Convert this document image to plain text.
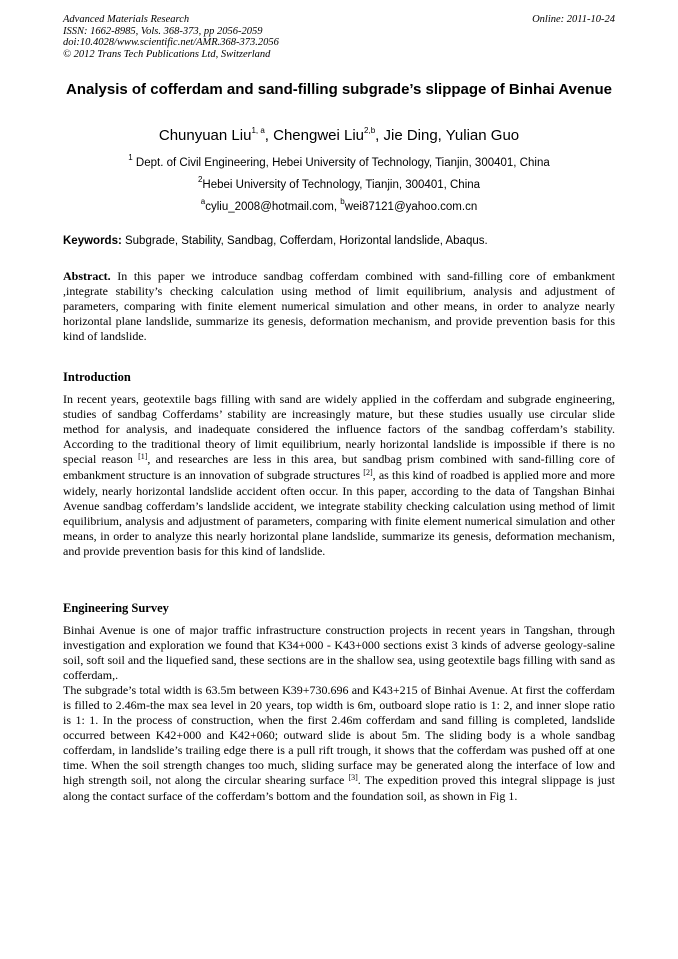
Advanced Materials Research
ISSN: 1662-8985, Vols. 368-373, pp 2056-2059
doi:10.4028/www.scientific.net/AMR.368-373.2056
© 2012 Trans Tech Publications Ltd, Switzerland
Online: 2011-10-24
Analysis of cofferdam and sand-filling subgrade’s slippage of Binhai Avenue
Chunyuan Liu$^{1, a}$, Chengwei Liu$^{2,b}$, Jie Ding, Yulian Guo
$^1$ Dept. of Civil Engineering, Hebei University of Technology, Tianjin, 300401, China
$^2$Hebei University of Technology, Tianjin, 300401, China
$^a$cyliu_2008@hotmail.com, $^b$wei87121@yahoo.com.cn
Keywords: Subgrade, Stability, Sandbag, Cofferdam, Horizontal landslide, Abaqus.
Abstract. In this paper we introduce sandbag cofferdam combined with sand-filling core of embankment ,integrate stability’s checking calculation using method of limit equilibrium, analysis and adjustment of parameters, comparing with finite element numerical simulation and other means, in order to analyze nearly horizontal plane landslide, summarize its genesis, deformation mechanism, and provide prevention basis for this kind of landslide.
Introduction
In recent years, geotextile bags filling with sand are widely applied in the cofferdam and subgrade engineering, studies of sandbag Cofferdams’ stability are increasingly mature, but these studies usually use circular slide method for analysis, and inadequate considered the influence factors of the sandbag cofferdam’s stability. According to the traditional theory of limit equilibrium, nearly horizontal landslide is impossible if there is no special reason [1], and researches are less in this area, but sandbag prism combined with sand-filling core of embankment structure is an innovation of subgrade structures [2], as this kind of roadbed is applied more and more widely, nearly horizontal landslide accident often occur. In this paper, according to the data of Tangshan Binhai Avenue sandbag cofferdam’s landslide accident, we integrate stability checking calculation using method of limit equilibrium, analysis and adjustment of parameters, comparing with finite element numerical simulation and other means, in order to analyze this nearly horizontal plane landslide, summarize its genesis, deformation mechanism, and provide prevention basis for this kind of landslide.
Engineering Survey

Binhai Avenue is one of major traffic infrastructure construction projects in recent years in Tangshan, through investigation and exploration we found that K34+000 - K43+000 sections exist 3 kinds of adverse geology-saline soil, soft soil and the liquefied sand, these sections are in the shallow sea, using geotextile bags filling with sand as cofferdam,.

The subgrade’s total width is 63.5m between K39+730.696 and K43+215 of Binhai Avenue. At first the cofferdam is filled to 2.46m-the max sea level in 20 years, top width is 6m, outboard slope ratio is 1: 2, and inner slope ratio is 1: 1. In the process of construction, when the first 2.46m cofferdam and sand filling is completed, landslide occurred between K42+000 and K42+060; outward slide is about 5m. The sliding body is a whole sandbag cofferdam, in landslide’s trailing edge there is a pull rift trough, it shows that the cofferdam was pushed off at one time. When the soil strength changes too much, sliding surface may be generated along the interface of low and high strength soil, not along the circular shearing surface [3]. The expedition proved this integral slippage is just along the contact surface of the cofferdam’s bottom and the foundation soil, as shown in Fig 1.
